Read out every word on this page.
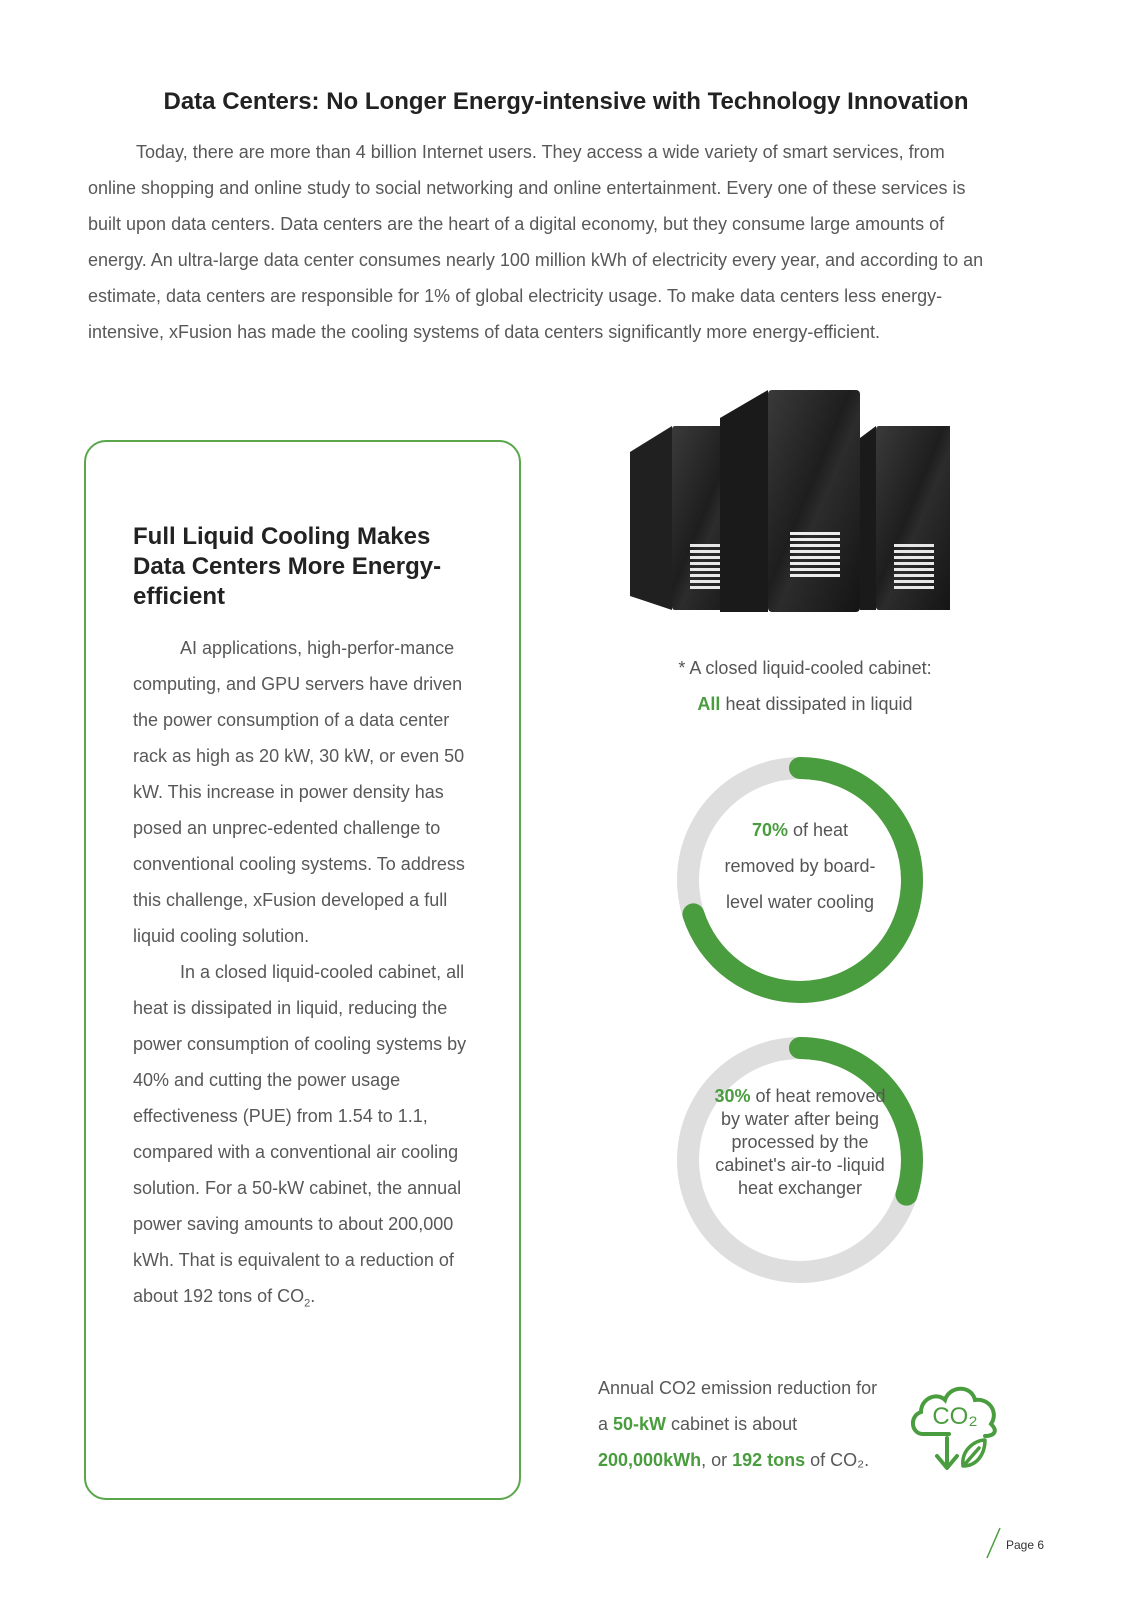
Data Centers: No Longer Energy-intensive with Technology Innovation

Today, there are more than 4 billion Internet users. They access a wide variety of smart services, from online shopping and online study to social networking and online entertainment. Every one of these services is built upon data centers. Data centers are the heart of a digital economy, but they consume large amounts of energy. An ultra-large data center consumes nearly 100 million kWh of electricity every year, and according to an estimate, data centers are responsible for 1% of global electricity usage. To make data centers less energy-intensive, xFusion has made the cooling systems of data centers significantly more energy-efficient.

Full Liquid Cooling Makes Data Centers More Energy-efficient

AI applications, high-perfor-mance computing, and GPU servers have driven the power consumption of a data center rack as high as 20 kW, 30 kW, or even 50 kW. This increase in power density has posed an unprec-edented challenge to conventional cooling systems. To address this challenge, xFusion developed a full liquid cooling solution.

In a closed liquid-cooled cabinet, all heat is dissipated in liquid, reducing the power consumption of cooling systems by 40% and cutting the power usage effectiveness (PUE) from 1.54 to 1.1, compared with a conventional air cooling solution. For a 50-kW cabinet, the annual power saving amounts to about 200,000 kWh. That is equivalent to a reduction of about 192 tons of $CO_2$.

* A closed liquid-cooled cabinet:
All heat dissipated in liquid
70% of heat removed by board-level water cooling
30% of heat removed by water after being processed by the cabinet's air-to -liquid heat exchanger

Annual CO2 emission reduction for a 50-kW cabinet is about 200,000kWh, or 192 tons of CO₂.

CO₂
Page 6
